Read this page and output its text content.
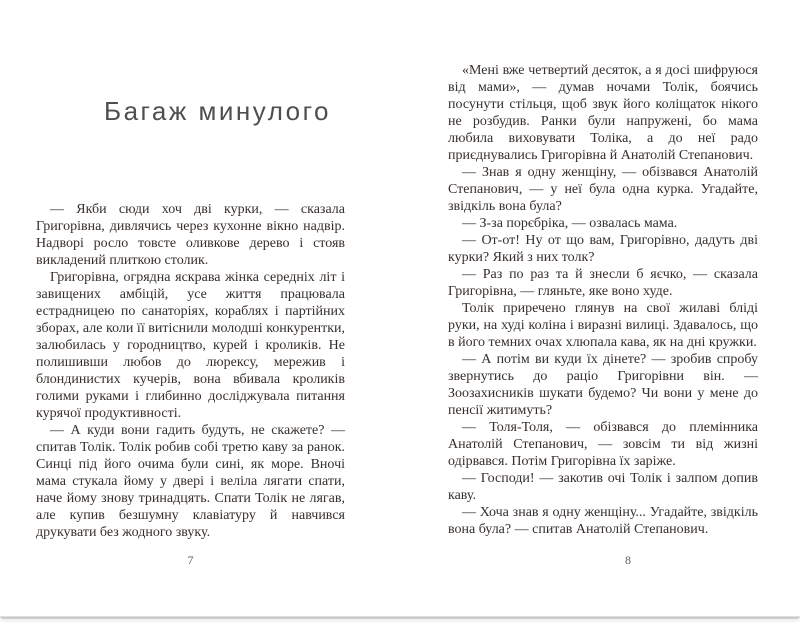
Багаж минулого

— Якби сюди хоч дві курки, — сказала Григорівна, дивлячись через кухонне вікно надвір. Надворі росло товсте оливкове дерево і стояв викладений плиткою столик.

Григорівна, огрядна яскрава жінка середніх літ і завищених амбіцій, усе життя працювала естрадницею по санаторіях, кораблях і партійних зборах, але коли її витіснили молодші конкурентки, залюбилась у городництво, курей і кроликів. Не полишивши любов до люрексу, мережив і блондинистих кучерів, вона вбивала кроликів голими руками і глибинно досліджувала питання курячої продуктивності.

— А куди вони гадить будуть, не скажете? — спитав Толік. Толік робив собі третю каву за ранок. Синці під його очима були сині, як море. Вночі мама стукала йому у двері і веліла лягати спати, наче йому знову тринадцять. Спати Толік не лягав, але купив безшумну клавіатуру й навчився друкувати без жодного звуку.

7

«Мені вже четвертий десяток, а я досі шифруюся від мами», — думав ночами Толік, боячись посунути стільця, щоб звук його коліщаток нікого не розбудив. Ранки були напружені, бо мама любила виховувати Толіка, а до неї радо приєднувались Григорівна й Анатолій Степанович.

— Знав я одну женщіну, — обізвався Анатолій Степанович, — у неї була одна курка. Угадайте, звідкіль вона була?

— З-за порєбріка, — озвалась мама.

— От-от! Ну от що вам, Григорівно, дадуть дві курки? Який з них толк?

— Раз по раз та й знесли б яєчко, — сказала Григорівна, — гляньте, яке воно худе.

Толік приречено глянув на свої жилаві бліді руки, на худі коліна і виразні вилиці. Здавалось, що в його темних очах хлюпала кава, як на дні кружки.

— А потім ви куди їх дінете? — зробив спробу звернутись до раціо Григорівни він. — Зоозахисників шукати будемо? Чи вони у мене до пенсії житимуть?

— Толя-Толя, — обізвався до племінника Анатолій Степанович, — зовсім ти від жизні одірвався. Потім Григорівна їх заріже.

— Господи! — закотив очі Толік і залпом допив каву.

— Хоча знав я одну женщіну... Угадайте, звідкіль вона була? — спитав Анатолій Степанович.

8
